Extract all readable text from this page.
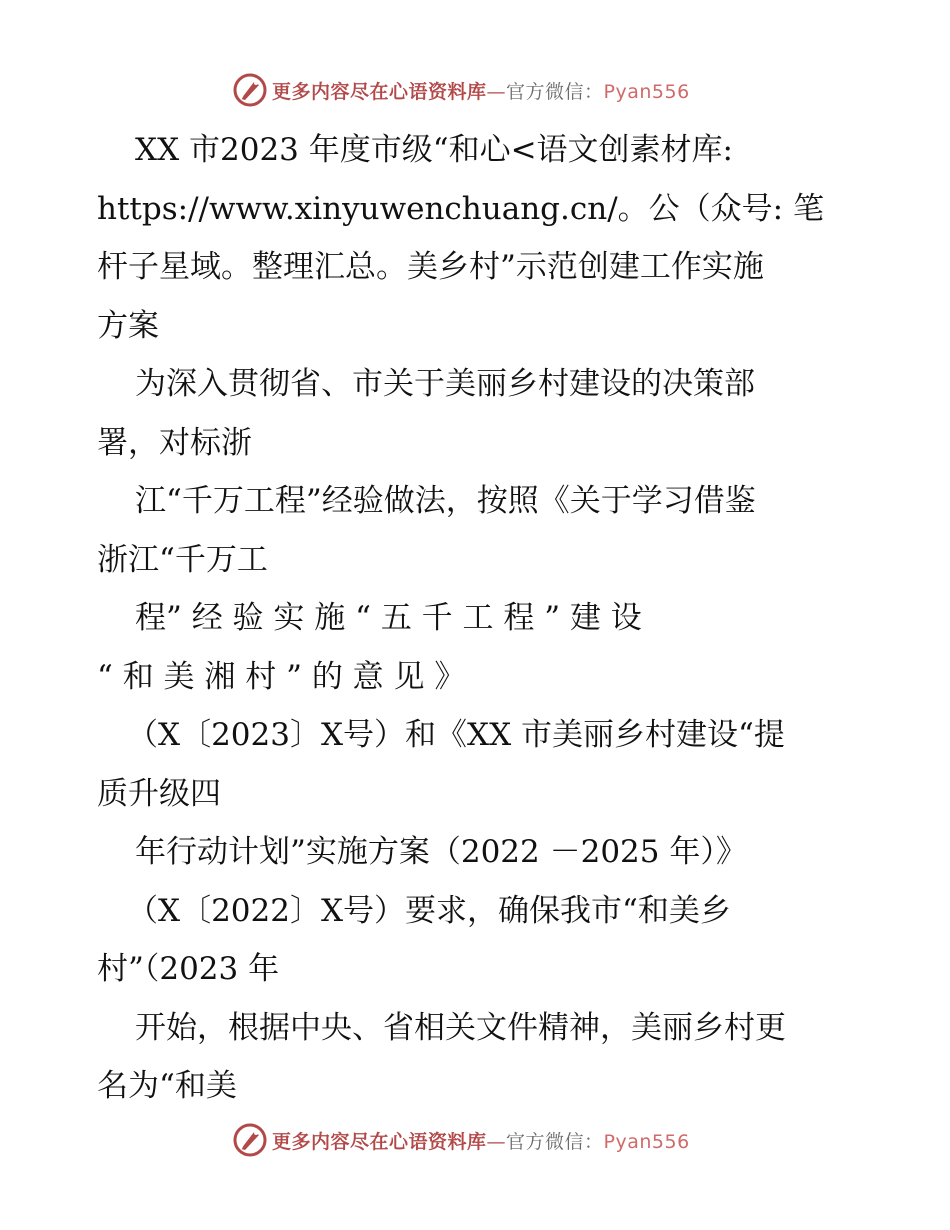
更多内容尽在心语资料库—官方微信：Pyan556
XX 市2023 年度市级“和心<语文创素材库:
https://www.xinyuwenchuang.cn/。公（众号: 笔
杆子星域。整理汇总。美乡村”示范创建工作实施
方案
为深入贯彻省、市关于美丽乡村建设的决策部
署，对标浙
江“千万工程”经验做法，按照《关于学习借鉴
浙江“千万工
程” 经 验 实 施 “ 五 千 工 程 ” 建 设
“ 和 美 湘 村 ” 的 意 见 》
（X〔2023〕X号）和《XX 市美丽乡村建设“提
质升级四
年行动计划”实施方案（2022 －2025 年）》
（X〔2022〕X号）要求，确保我市“和美乡
村”（2023 年
开始，根据中央、省相关文件精神，美丽乡村更
名为“和美
更多内容尽在心语资料库—官方微信：Pyan556
